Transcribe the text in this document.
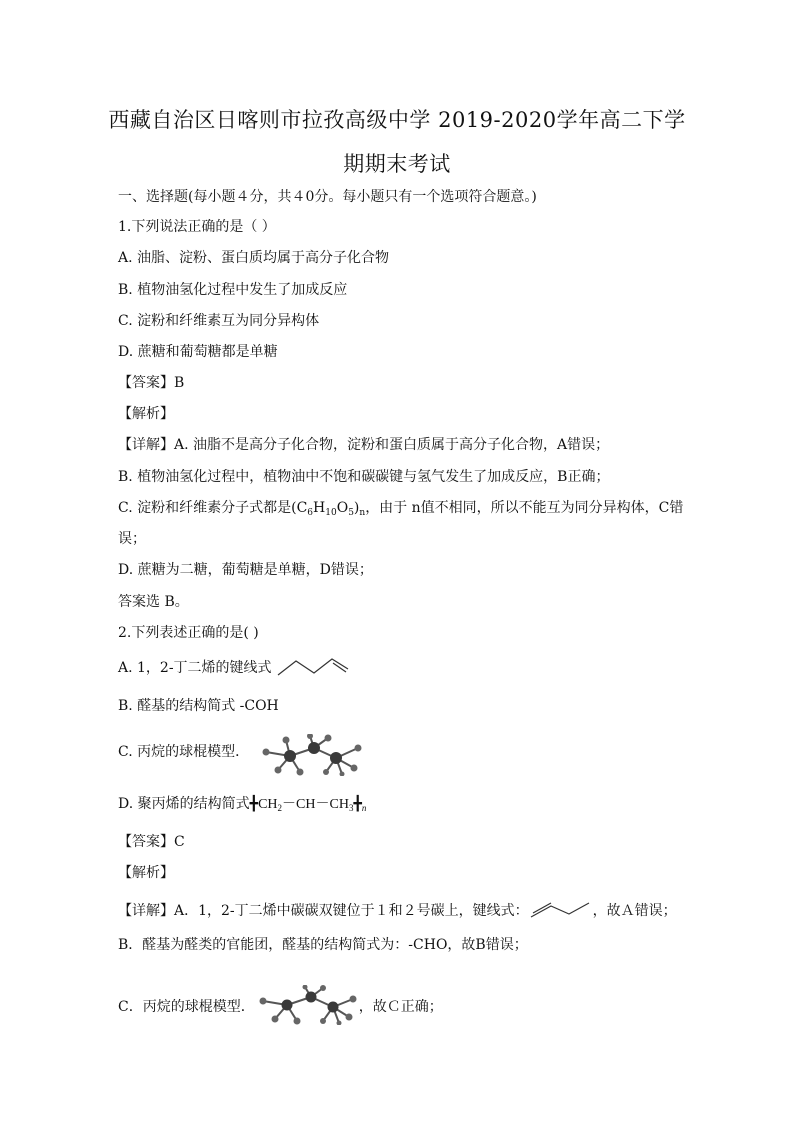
西藏自治区日喀则市拉孜高级中学 2019-2020学年高二下学
期期末考试
一、选择题(每小题４分，共４0分。每小题只有一个选项符合题意。)
1.下列说法正确的是（ ）
A. 油脂、淀粉、蛋白质均属于高分子化合物
B. 植物油氢化过程中发生了加成反应
C. 淀粉和纤维素互为同分异构体
D. 蔗糖和葡萄糖都是单糖
【答案】B
【解析】
【详解】A. 油脂不是高分子化合物，淀粉和蛋白质属于高分子化合物，A错误；
B. 植物油氢化过程中，植物油中不饱和碳碳键与氢气发生了加成反应，B正确；
C. 淀粉和纤维素分子式都是$(C_6H_{10}O_5)_n$，由于 n值不相同，所以不能互为同分异构体，C错
误；
D. 蔗糖为二糖，葡萄糖是单糖，D错误；
答案选 B。
2.下列表述正确的是( )
A. 1，2-丁二烯的键线式
B. 醛基的结构简式 -COH
C. 丙烷的球棍模型．
D. 聚丙烯的结构简式$╋CH_2-CH-CH_3╋_n$
【答案】C
【解析】
【详解】A．1，2-丁二烯中碳碳双键位于１和２号碳上，键线式：	，故Ａ错误；
B．醛基为醛类的官能团，醛基的结构简式为：-CHO，故B错误；
C．丙烷的球棍模型．	，故Ｃ正确；
